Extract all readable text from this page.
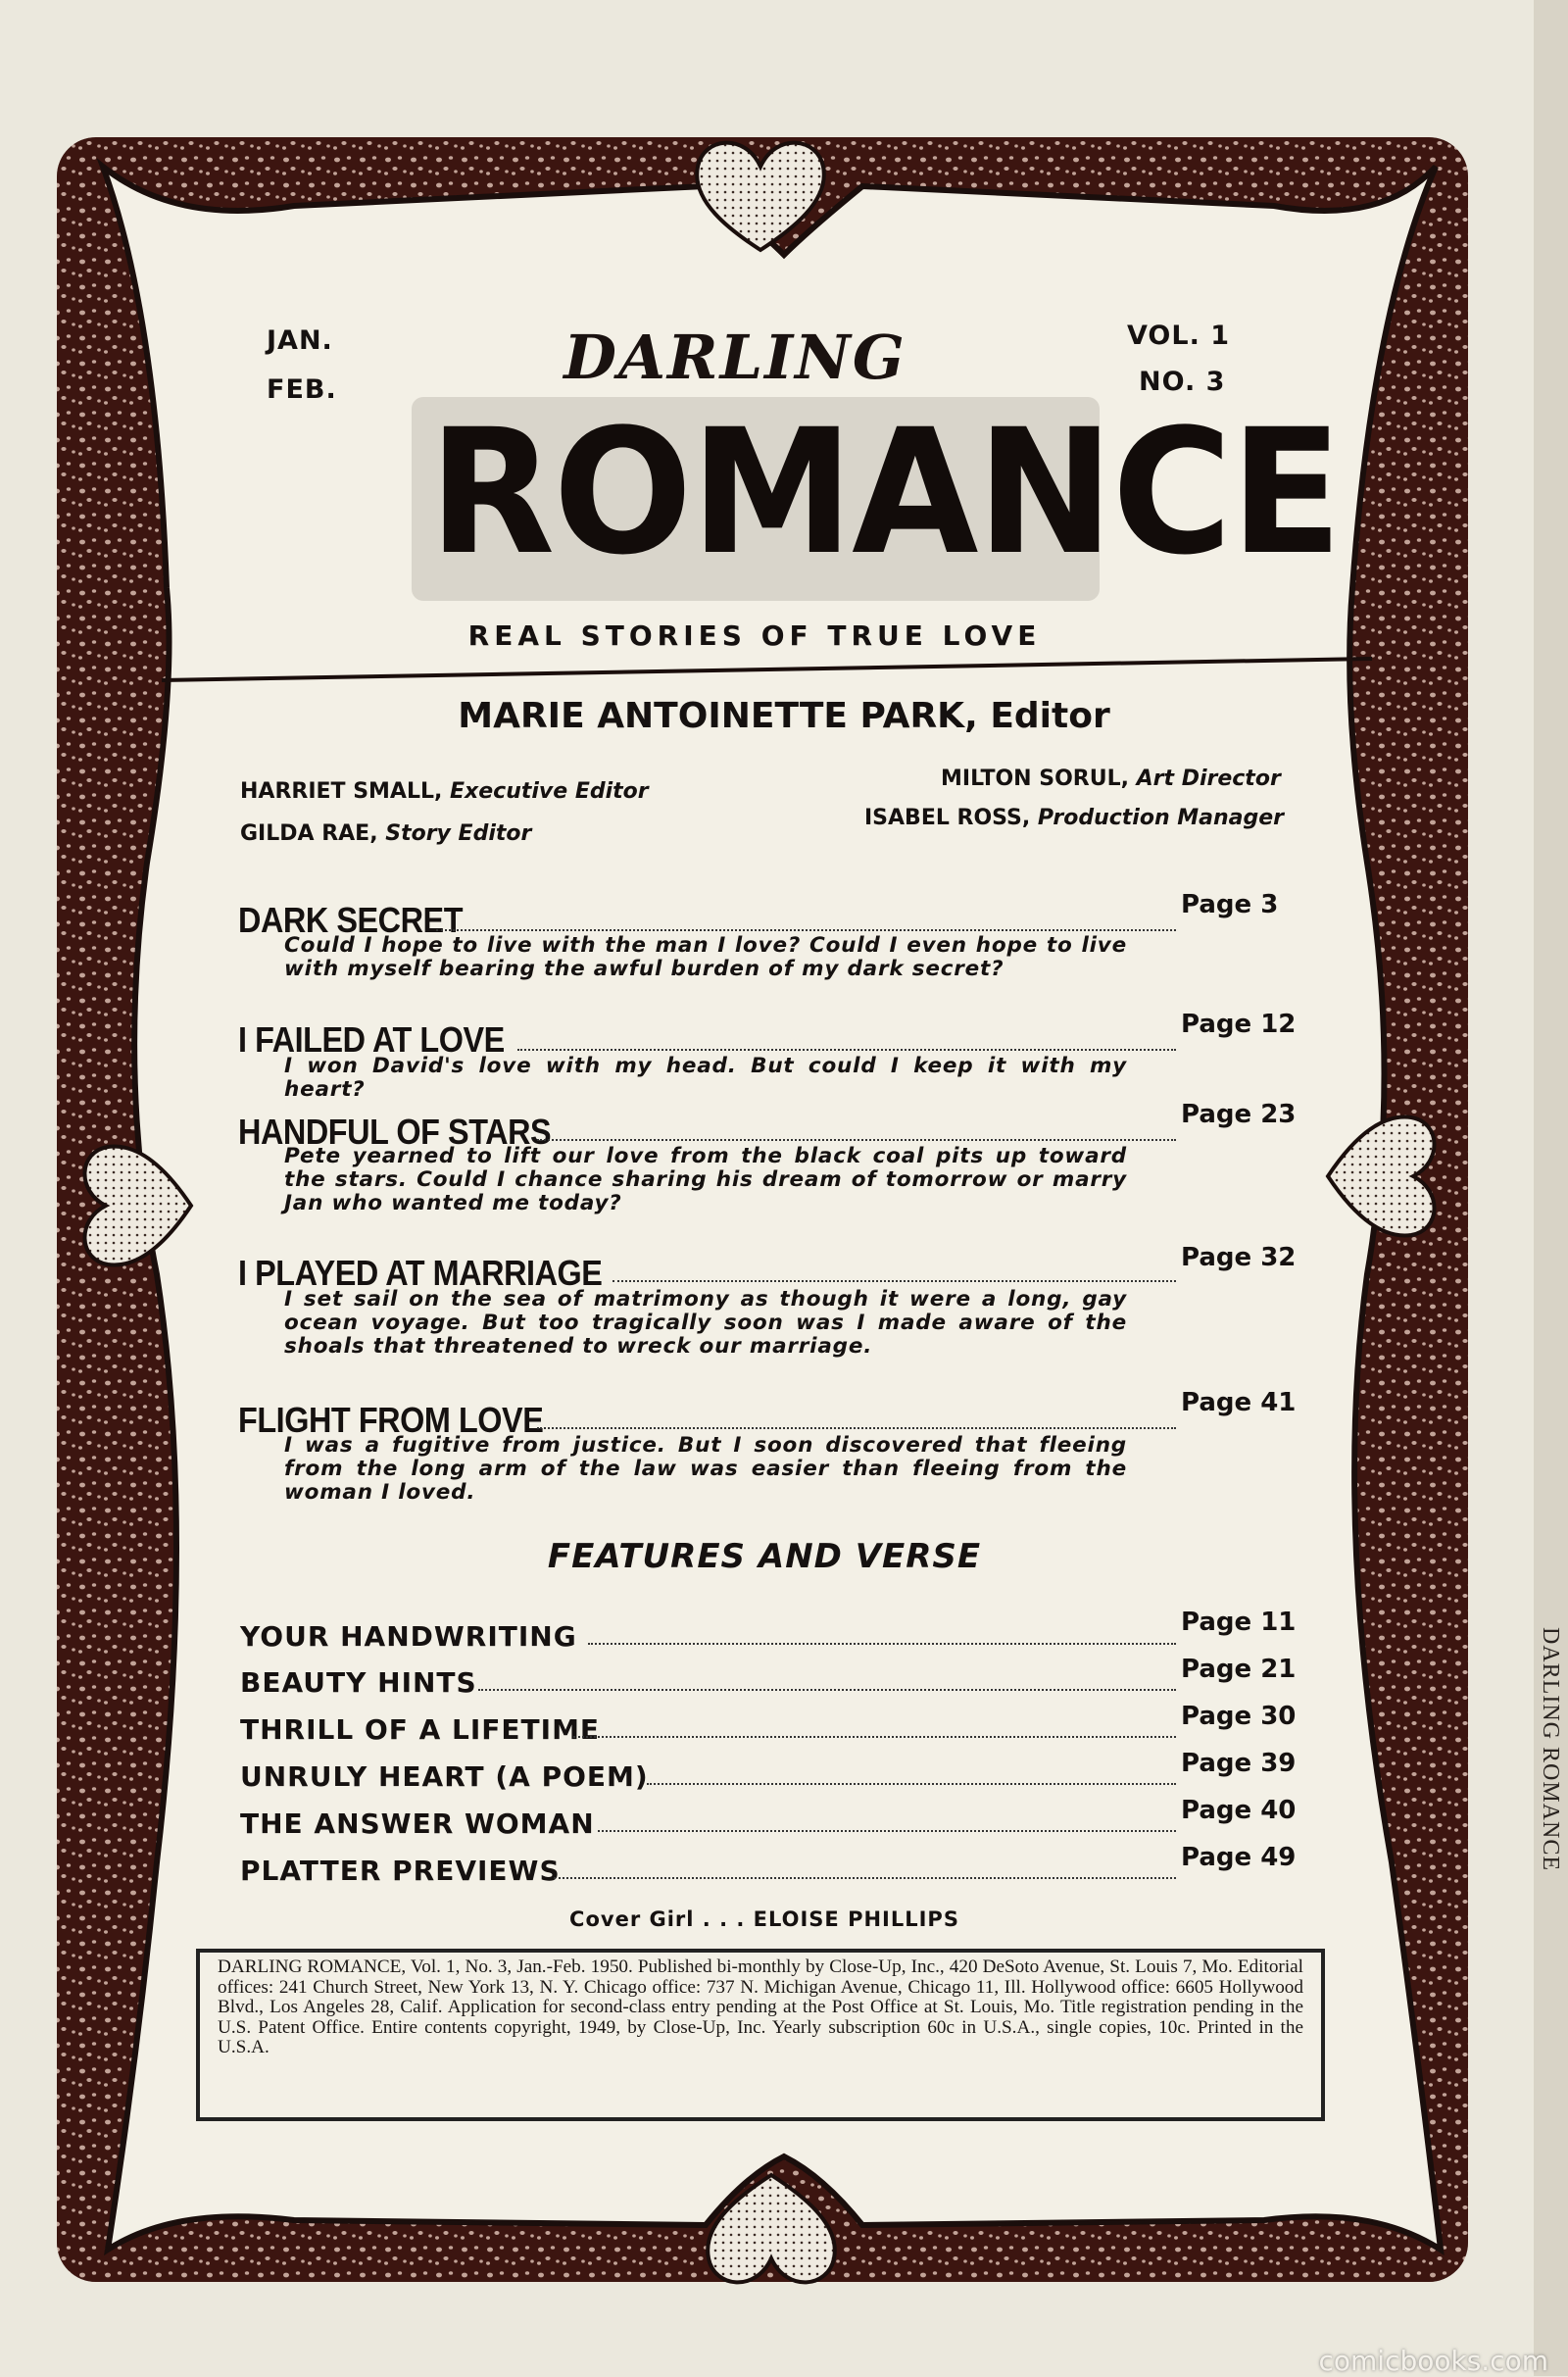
JAN.
FEB.
VOL. 1
NO. 3
DARLING
ROMANCE
REAL STORIES OF TRUE LOVE
MARIE ANTOINETTE PARK, Editor
HARRIET SMALL, Executive Editor
GILDA RAE, Story Editor
MILTON SORUL, Art Director
ISABEL ROSS, Production Manager
DARK SECRET	Page 3
Could I hope to live with the man I love? Could I even hope to live with myself bearing the awful burden of my dark secret?
I FAILED AT LOVE	Page 12
I won David's love with my head. But could I keep it with my heart?
HANDFUL OF STARS	Page 23
Pete yearned to lift our love from the black coal pits up toward the stars. Could I chance sharing his dream of tomorrow or marry Jan who wanted me today?
I PLAYED AT MARRIAGE	Page 32
I set sail on the sea of matrimony as though it were a long, gay ocean voyage. But too tragically soon was I made aware of the shoals that threatened to wreck our marriage.
FLIGHT FROM LOVE	Page 41
I was a fugitive from justice. But I soon discovered that fleeing from the long arm of the law was easier than fleeing from the woman I loved.
FEATURES AND VERSE
YOUR HANDWRITING	Page 11
BEAUTY HINTS	Page 21
THRILL OF A LIFETIME	Page 30
UNRULY HEART (A POEM)	Page 39
THE ANSWER WOMAN	Page 40
PLATTER PREVIEWS	Page 49
Cover Girl . . . ELOISE PHILLIPS
DARLING ROMANCE, Vol. 1, No. 3, Jan.-Feb. 1950. Published bi-monthly by Close-Up, Inc., 420 DeSoto Avenue, St. Louis 7, Mo. Editorial offices: 241 Church Street, New York 13, N. Y. Chicago office: 737 N. Michigan Avenue, Chicago 11, Ill. Hollywood office: 6605 Hollywood Blvd., Los Angeles 28, Calif. Application for second-class entry pending at the Post Office at St. Louis, Mo. Title registration pending in the U.S. Patent Office. Entire contents copyright, 1949, by Close-Up, Inc. Yearly subscription 60c in U.S.A., single copies, 10c. Printed in the U.S.A.
DARLING ROMANCE
comicbooks.com
